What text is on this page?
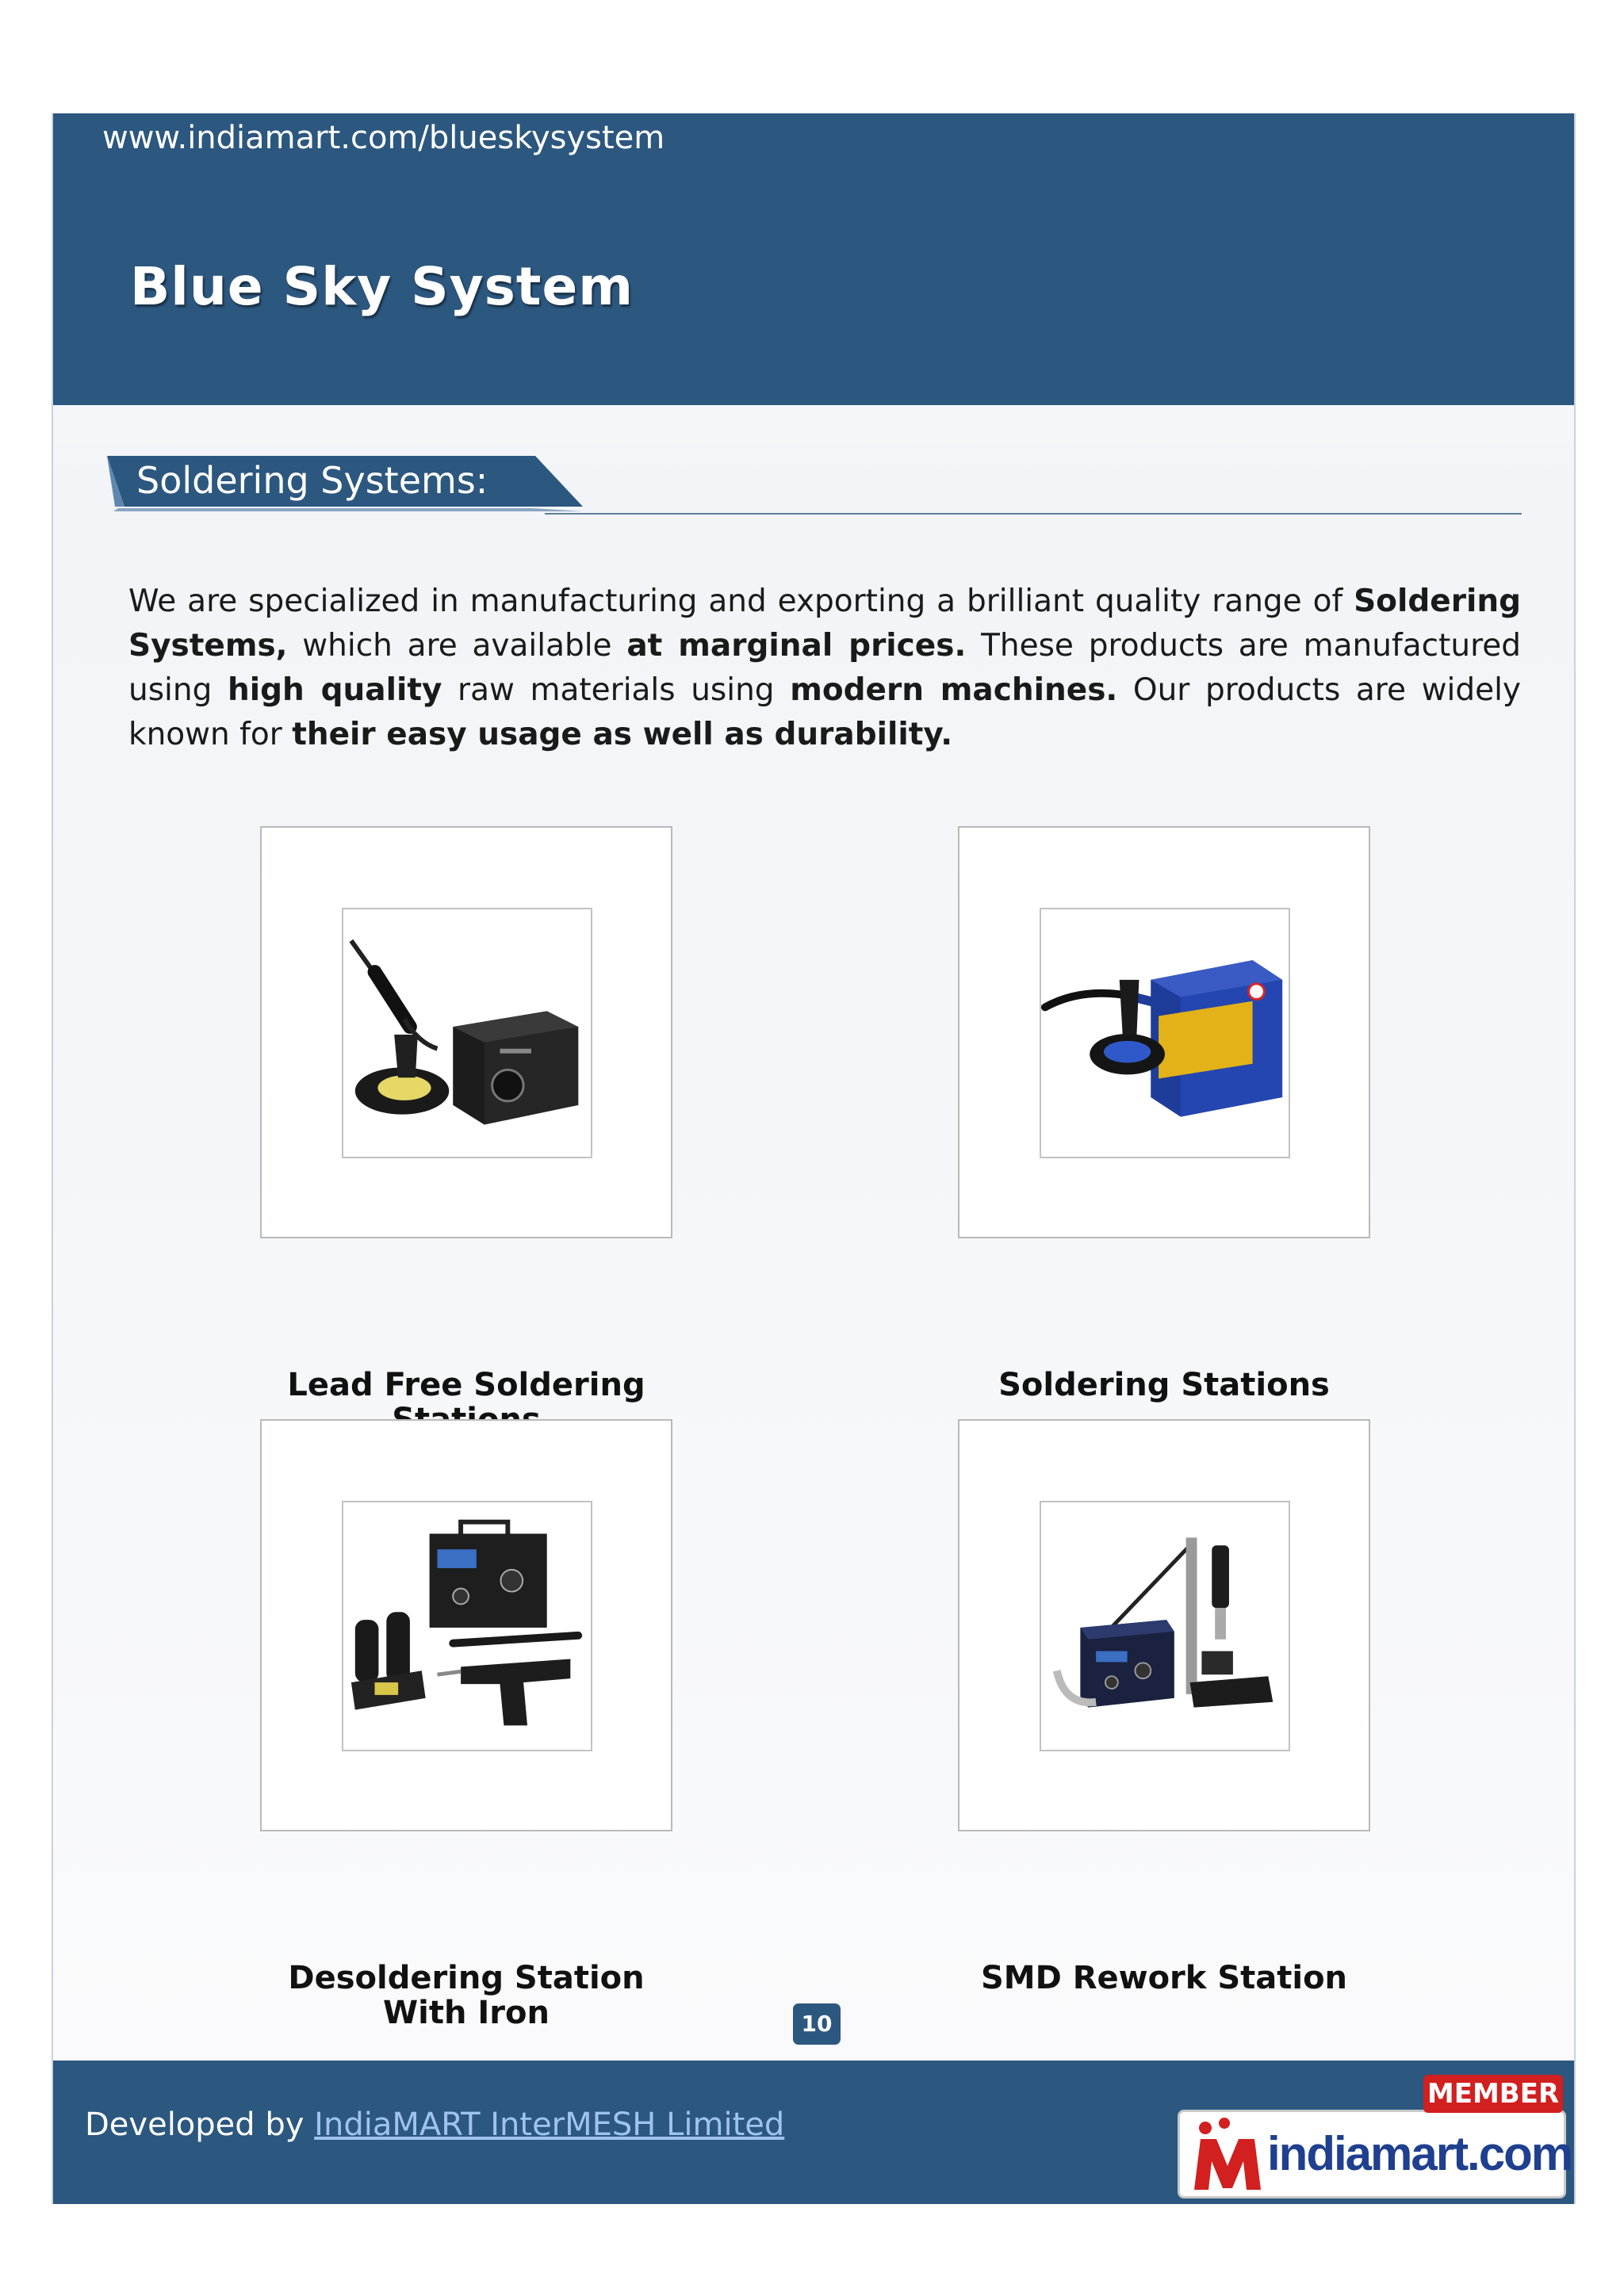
www.indiamart.com/blueskysystem
Blue Sky System
Soldering Systems:

We are specialized in manufacturing and exporting a brilliant quality range of Soldering Systems, which are available at marginal prices. These products are manufactured using high quality raw materials using modern machines. Our products are widely known for their easy usage as well as durability.

Lead Free Soldering	Soldering Stations
Desoldering Station With Iron
SMD Rework Station
10
Developed by IndiaMART InterMESH Limited
indiamart.com
MEMBER
